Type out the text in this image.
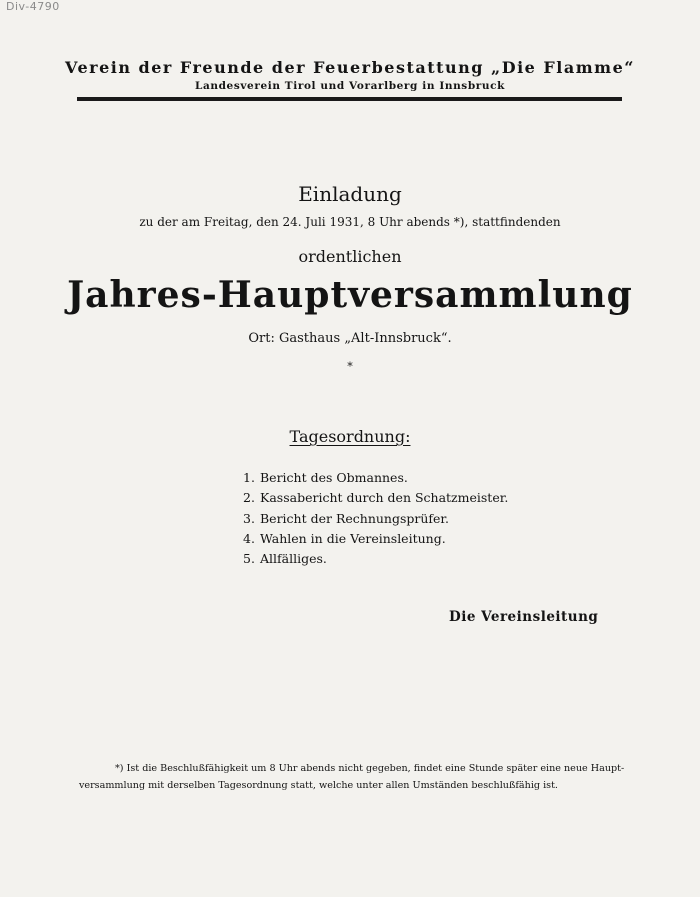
Div-4790
Verein der Freunde der Feuerbestattung „Die Flamme“
Landesverein Tirol und Vorarlberg in Innsbruck
Einladung
zu der am Freitag, den 24. Juli 1931, 8 Uhr abends *), stattfindenden
ordentlichen
Jahres-Hauptversammlung
Ort: Gasthaus „Alt-Innsbruck“.
*
Tagesordnung:
1. Bericht des Obmannes.
2. Kassabericht durch den Schatzmeister.
3. Bericht der Rechnungsprüfer.
4. Wahlen in die Vereinsleitung.
5. Allfälliges.
Die Vereinsleitung
*) Ist die Beschlußfähigkeit um 8 Uhr abends nicht gegeben, findet eine Stunde später eine neue Haupt-
versammlung mit derselben Tagesordnung statt, welche unter allen Umständen beschlußfähig ist.
